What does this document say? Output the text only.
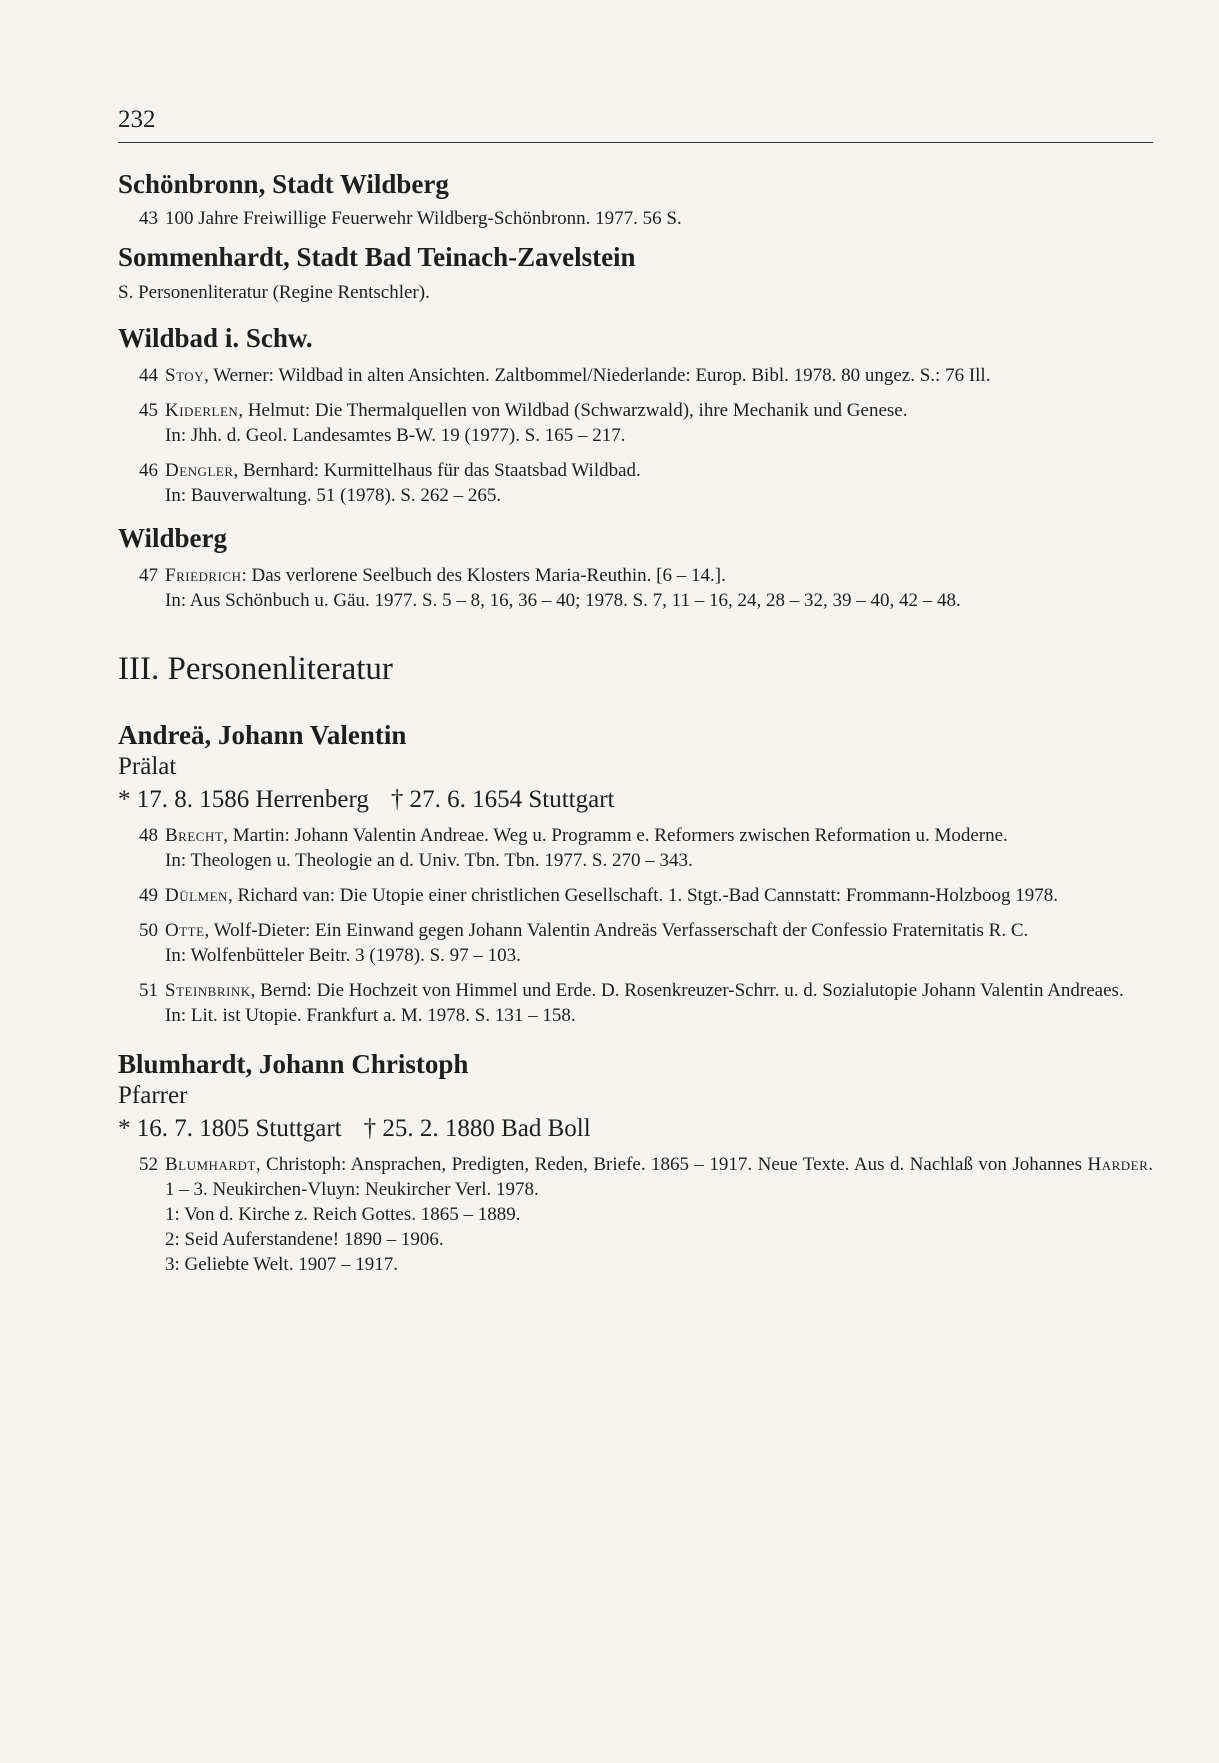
232
Schönbronn, Stadt Wildberg
43 100 Jahre Freiwillige Feuerwehr Wildberg-Schönbronn. 1977. 56 S.
Sommenhardt, Stadt Bad Teinach-Zavelstein
S. Personenliteratur (Regine Rentschler).
Wildbad i. Schw.
44 Stoy, Werner: Wildbad in alten Ansichten. Zaltbommel/Niederlande: Europ. Bibl. 1978. 80 ungez. S.: 76 Ill.
45 Kiderlen, Helmut: Die Thermalquellen von Wildbad (Schwarzwald), ihre Mechanik und Genese.
In: Jhh. d. Geol. Landesamtes B-W. 19 (1977). S. 165 – 217.
46 Dengler, Bernhard: Kurmittelhaus für das Staatsbad Wildbad.
In: Bauverwaltung. 51 (1978). S. 262 – 265.
Wildberg
47 Friedrich: Das verlorene Seelbuch des Klosters Maria-Reuthin. [6 – 14.].
In: Aus Schönbuch u. Gäu. 1977. S. 5 – 8, 16, 36 – 40; 1978. S. 7, 11 – 16, 24, 28 – 32, 39 – 40, 42 – 48.
III. Personenliteratur
Andreä, Johann Valentin
Prälat
* 17. 8. 1586 Herrenberg † 27. 6. 1654 Stuttgart
48 Brecht, Martin: Johann Valentin Andreae. Weg u. Programm e. Reformers zwischen Reformation u. Moderne.
In: Theologen u. Theologie an d. Univ. Tbn. Tbn. 1977. S. 270 – 343.
49 Dülmen, Richard van: Die Utopie einer christlichen Gesellschaft. 1. Stgt.-Bad Cannstatt: Frommann-Holzboog 1978.
50 Otte, Wolf-Dieter: Ein Einwand gegen Johann Valentin Andreäs Verfasserschaft der Confessio Fraternitatis R. C.
In: Wolfenbütteler Beitr. 3 (1978). S. 97 – 103.
51 Steinbrink, Bernd: Die Hochzeit von Himmel und Erde. D. Rosenkreuzer-Schrr. u. d. Sozialutopie Johann Valentin Andreaes.
In: Lit. ist Utopie. Frankfurt a. M. 1978. S. 131 – 158.
Blumhardt, Johann Christoph
Pfarrer
* 16. 7. 1805 Stuttgart † 25. 2. 1880 Bad Boll
52 Blumhardt, Christoph: Ansprachen, Predigten, Reden, Briefe. 1865 – 1917. Neue Texte. Aus d. Nachlaß von Johannes Harder. 1 – 3. Neukirchen-Vluyn: Neukircher Verl. 1978.
1: Von d. Kirche z. Reich Gottes. 1865 – 1889.
2: Seid Auferstandene! 1890 – 1906.
3: Geliebte Welt. 1907 – 1917.
